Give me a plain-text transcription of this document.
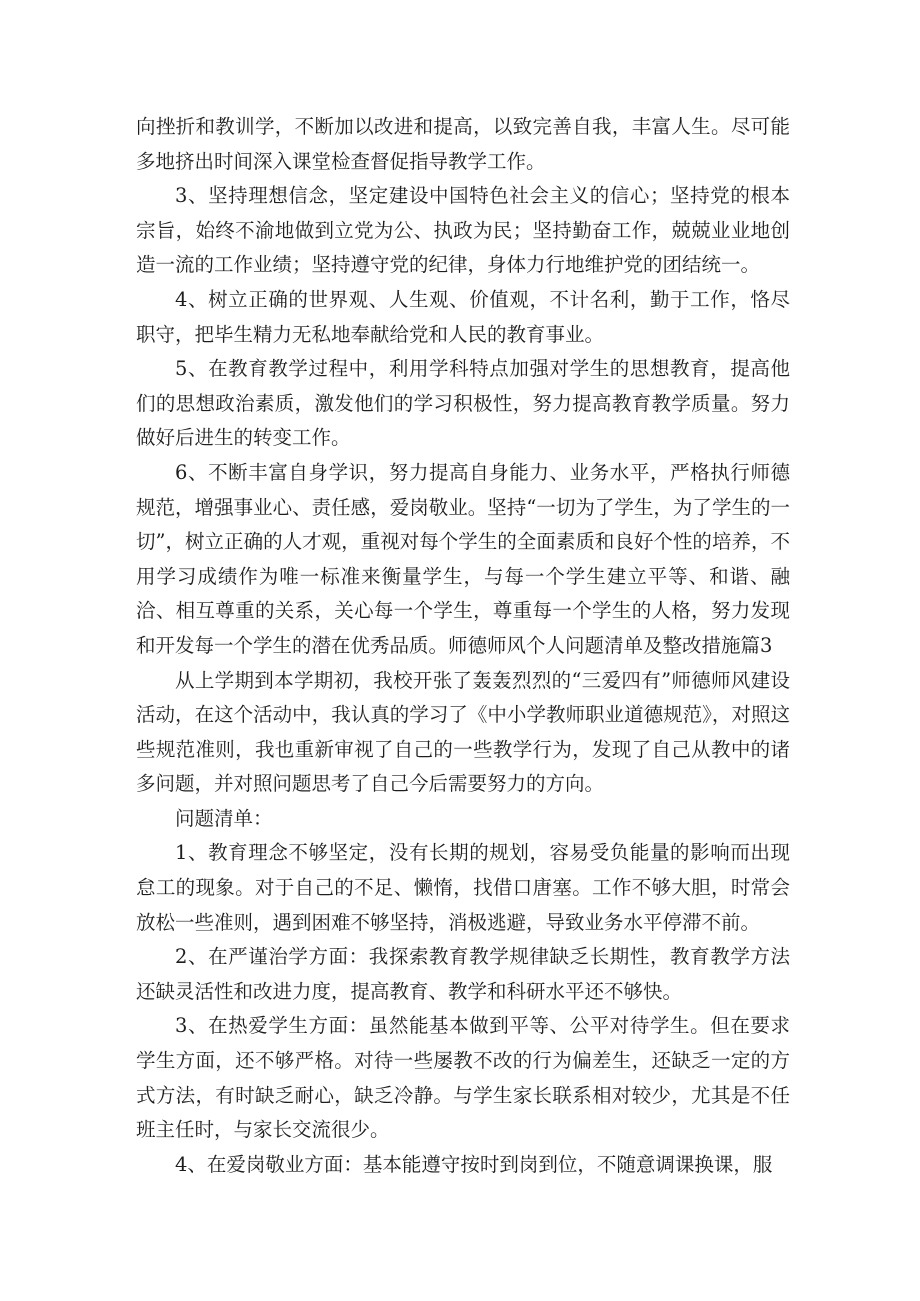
向挫折和教训学，不断加以改进和提高，以致完善自我，丰富人生。尽可能多地挤出时间深入课堂检查督促指导教学工作。

3、坚持理想信念，坚定建设中国特色社会主义的信心；坚持党的根本宗旨，始终不渝地做到立党为公、执政为民；坚持勤奋工作，兢兢业业地创造一流的工作业绩；坚持遵守党的纪律，身体力行地维护党的团结统一。

4、树立正确的世界观、人生观、价值观，不计名利，勤于工作，恪尽职守，把毕生精力无私地奉献给党和人民的教育事业。

5、在教育教学过程中，利用学科特点加强对学生的思想教育，提高他们的思想政治素质，激发他们的学习积极性，努力提高教育教学质量。努力做好后进生的转变工作。

6、不断丰富自身学识，努力提高自身能力、业务水平，严格执行师德规范，增强事业心、责任感，爱岗敬业。坚持“一切为了学生，为了学生的一切”，树立正确的人才观，重视对每个学生的全面素质和良好个性的培养，不用学习成绩作为唯一标准来衡量学生，与每一个学生建立平等、和谐、融洽、相互尊重的关系，关心每一个学生，尊重每一个学生的人格，努力发现和开发每一个学生的潜在优秀品质。师德师风个人问题清单及整改措施篇3

从上学期到本学期初，我校开张了轰轰烈烈的“三爱四有”师德师风建设活动，在这个活动中，我认真的学习了《中小学教师职业道德规范》，对照这些规范准则，我也重新审视了自己的一些教学行为，发现了自己从教中的诸多问题，并对照问题思考了自己今后需要努力的方向。

问题清单：

1、教育理念不够坚定，没有长期的规划，容易受负能量的影响而出现怠工的现象。对于自己的不足、懒惰，找借口唐塞。工作不够大胆，时常会放松一些准则，遇到困难不够坚持，消极逃避，导致业务水平停滞不前。

2、在严谨治学方面：我探索教育教学规律缺乏长期性，教育教学方法还缺灵活性和改进力度，提高教育、教学和科研水平还不够快。

3、在热爱学生方面：虽然能基本做到平等、公平对待学生。但在要求学生方面，还不够严格。对待一些屡教不改的行为偏差生，还缺乏一定的方式方法，有时缺乏耐心，缺乏冷静。与学生家长联系相对较少，尤其是不任班主任时，与家长交流很少。

4、在爱岗敬业方面：基本能遵守按时到岗到位，不随意调课换课，服
